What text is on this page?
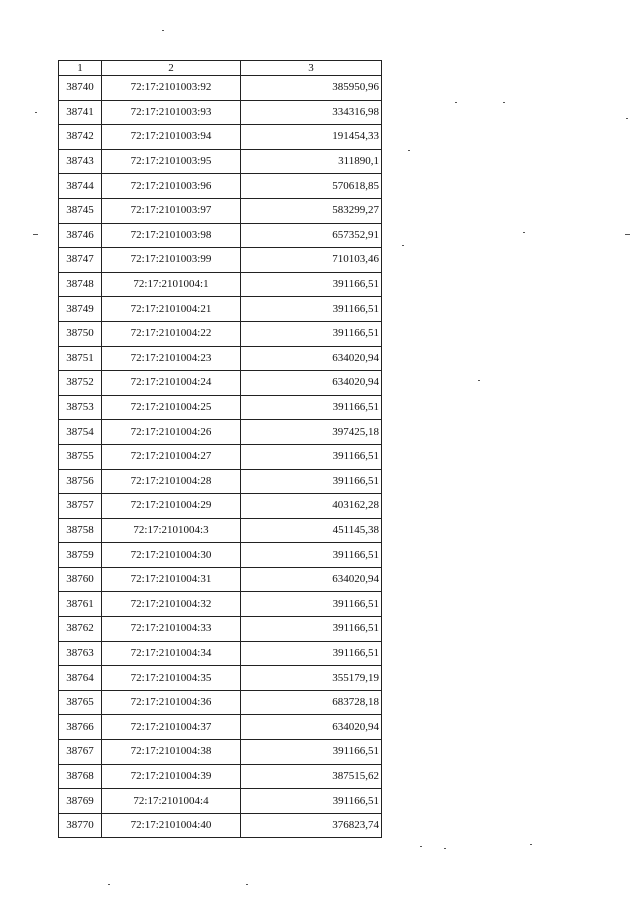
1	2	3
38740	72:17:2101003:92	385950,96
38741	72:17:2101003:93	334316,98
38742	72:17:2101003:94	191454,33
38743	72:17:2101003:95	311890,1
38744	72:17:2101003:96	570618,85
38745	72:17:2101003:97	583299,27
38746	72:17:2101003:98	657352,91
38747	72:17:2101003:99	710103,46
38748	72:17:2101004:1	391166,51
38749	72:17:2101004:21	391166,51
38750	72:17:2101004:22	391166,51
38751	72:17:2101004:23	634020,94
38752	72:17:2101004:24	634020,94
38753	72:17:2101004:25	391166,51
38754	72:17:2101004:26	397425,18
38755	72:17:2101004:27	391166,51
38756	72:17:2101004:28	391166,51
38757	72:17:2101004:29	403162,28
38758	72:17:2101004:3	451145,38
38759	72:17:2101004:30	391166,51
38760	72:17:2101004:31	634020,94
38761	72:17:2101004:32	391166,51
38762	72:17:2101004:33	391166,51
38763	72:17:2101004:34	391166,51
38764	72:17:2101004:35	355179,19
38765	72:17:2101004:36	683728,18
38766	72:17:2101004:37	634020,94
38767	72:17:2101004:38	391166,51
38768	72:17:2101004:39	387515,62
38769	72:17:2101004:4	391166,51
38770	72:17:2101004:40	376823,74
